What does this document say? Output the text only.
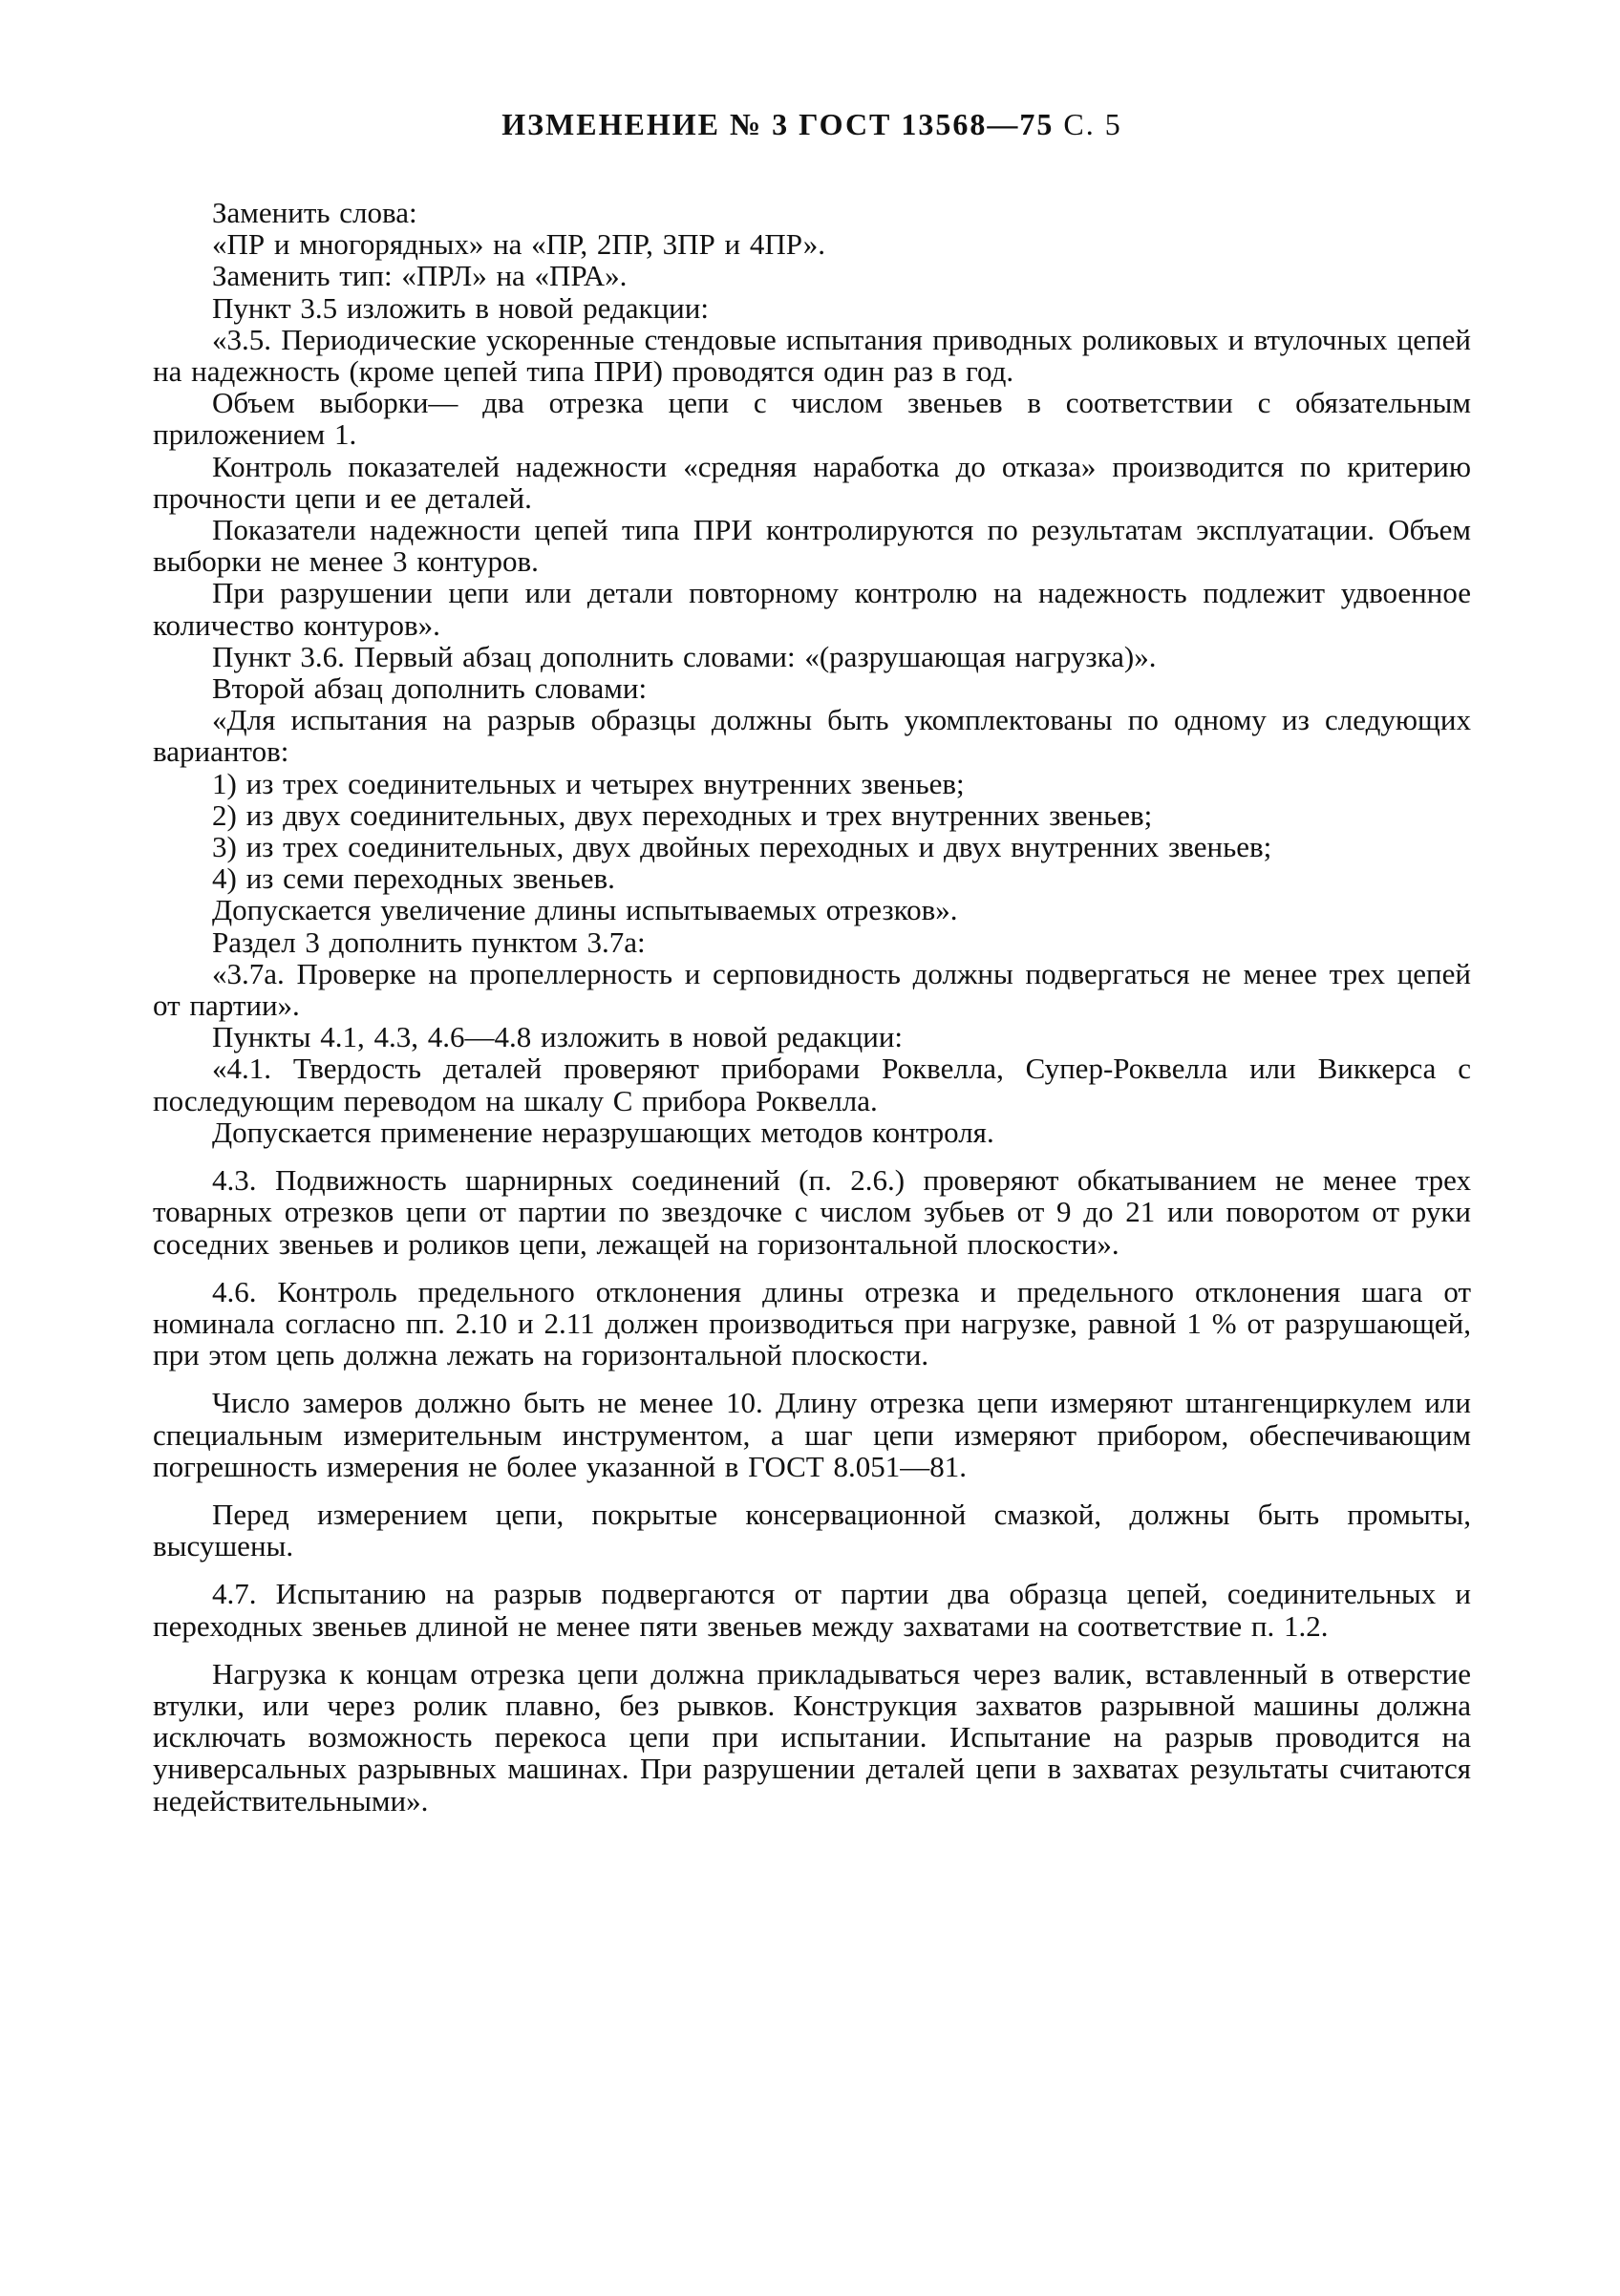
ИЗМЕНЕНИЕ № 3 ГОСТ 13568—75 С. 5

Заменить слова:

«ПР и многорядных» на «ПР, 2ПР, 3ПР и 4ПР».

Заменить тип: «ПРЛ» на «ПРА».

Пункт 3.5 изложить в новой редакции:

«3.5. Периодические ускоренные стендовые испытания приводных роликовых и втулочных цепей на надежность (кроме цепей типа ПРИ) проводятся один раз в год.

Объем выборки— два отрезка цепи с числом звеньев в соответствии с обязательным приложением 1.

Контроль показателей надежности «средняя наработка до отказа» производится по критерию прочности цепи и ее деталей.

Показатели надежности цепей типа ПРИ контролируются по результатам эксплуатации. Объем выборки не менее 3 контуров.

При разрушении цепи или детали повторному контролю на надежность подлежит удвоенное количество контуров».

Пункт 3.6. Первый абзац дополнить словами: «(разрушающая нагрузка)».

Второй абзац дополнить словами:

«Для испытания на разрыв образцы должны быть укомплектованы по одному из следующих вариантов:

1) из трех соединительных и четырех внутренних звеньев;

2) из двух соединительных, двух переходных и трех внутренних звеньев;

3) из трех соединительных, двух двойных переходных и двух внутренних звеньев;

4) из семи переходных звеньев.

Допускается увеличение длины испытываемых отрезков».

Раздел 3 дополнить пунктом 3.7а:

«3.7а. Проверке на пропеллерность и серповидность должны подвергаться не менее трех цепей от партии».

Пункты 4.1, 4.3, 4.6—4.8 изложить в новой редакции:

«4.1. Твердость деталей проверяют приборами Роквелла, Супер-Роквелла или Виккерса с последующим переводом на шкалу С прибора Роквелла.

Допускается применение неразрушающих методов контроля.

4.3. Подвижность шарнирных соединений (п. 2.6.) проверяют обкатыванием не менее трех товарных отрезков цепи от партии по звездочке с числом зубьев от 9 до 21 или поворотом от руки соседних звеньев и роликов цепи, лежащей на горизонтальной плоскости».

4.6. Контроль предельного отклонения длины отрезка и предельного отклонения шага от номинала согласно пп. 2.10 и 2.11 должен производиться при нагрузке, равной 1 % от разрушающей, при этом цепь должна лежать на горизонтальной плоскости.

Число замеров должно быть не менее 10. Длину отрезка цепи измеряют штангенциркулем или специальным измерительным инструментом, а шаг цепи измеряют прибором, обеспечивающим погрешность измерения не более указанной в ГОСТ 8.051—81.

Перед измерением цепи, покрытые консервационной смазкой, должны быть промыты, высушены.

4.7. Испытанию на разрыв подвергаются от партии два образца цепей, соединительных и переходных звеньев длиной не менее пяти звеньев между захватами на соответствие п. 1.2.

Нагрузка к концам отрезка цепи должна прикладываться через валик, вставленный в отверстие втулки, или через ролик плавно, без рывков. Конструкция захватов разрывной машины должна исключать возможность перекоса цепи при испытании. Испытание на разрыв проводится на универсальных разрывных машинах. При разрушении деталей цепи в захватах результаты считаются недействительными».
